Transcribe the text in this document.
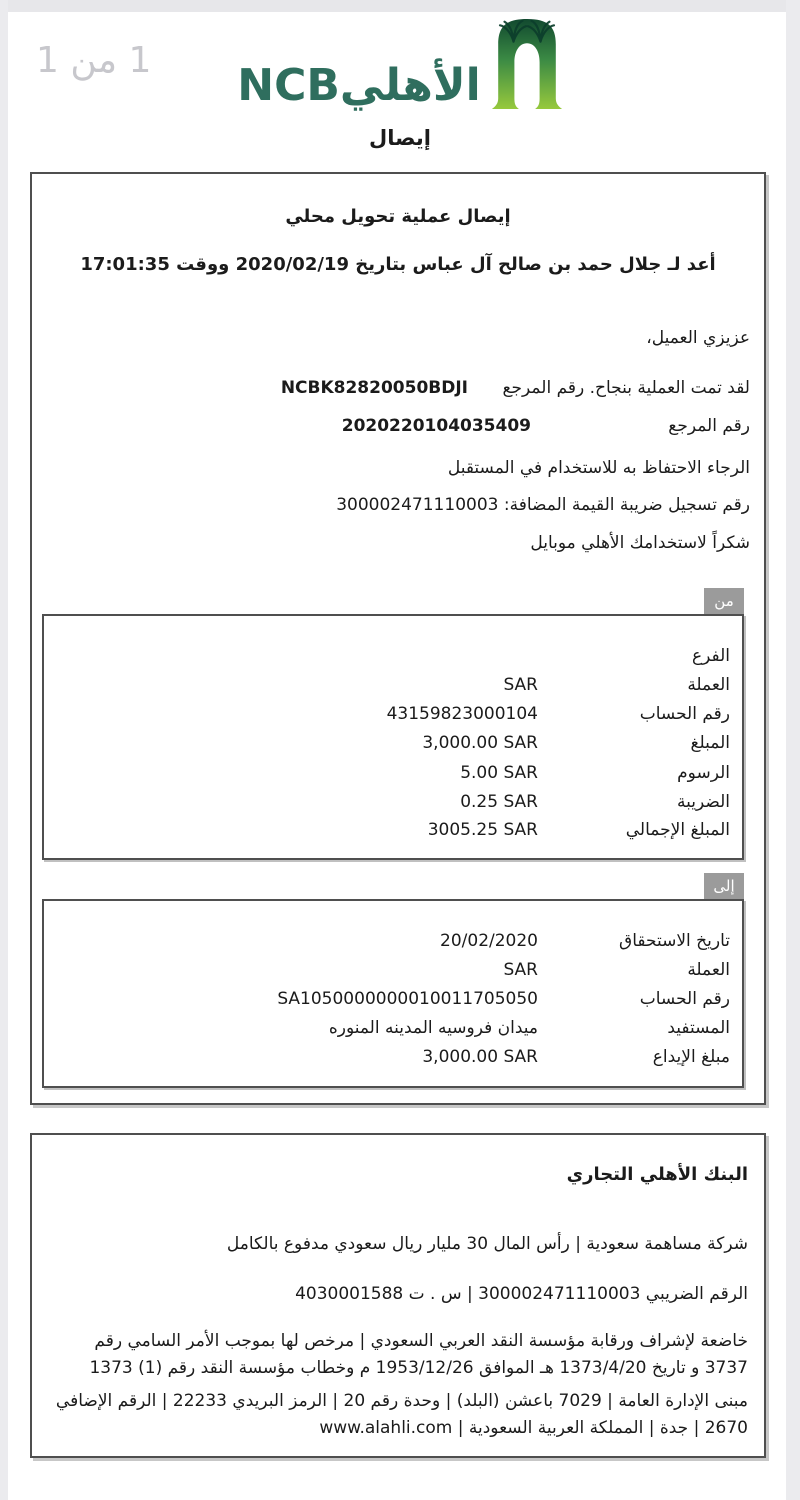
1 من 1 NCBالأهلي
إيصال
إيصال عملية تحويل محلي
أعد لـ جلال حمد بن صالح آل عباس بتاريخ 2020/02/19 ووقت 17:01:35
عزيزي العميل،
لقد تمت العملية بنجاح. رقم المرجع
NCBK82820050BDJI
رقم المرجع
2020220104035409
الرجاء الاحتفاظ به للاستخدام في المستقبل
رقم تسجيل ضريبة القيمة المضافة: 300002471110003
شكراً لاستخدامك الأهلي موبايل
من
الفرع
العملة
SAR
رقم الحساب
43159823000104
المبلغ
3,000.00 SAR
الرسوم
5.00 SAR
الضريبة
0.25 SAR
المبلغ الإجمالي
3005.25 SAR
إلى
تاريخ الاستحقاق
20/02/2020
العملة
SAR
رقم الحساب
SA1050000000010011705050
المستفيد
ميدان فروسيه المدينه المنوره
مبلغ الإيداع
3,000.00 SAR
البنك الأهلي التجاري
شركة مساهمة سعودية | رأس المال 30 مليار ريال سعودي مدفوع بالكامل
الرقم الضريبي 300002471110003 | س . ت 4030001588
خاضعة لإشراف ورقابة مؤسسة النقد العربي السعودي | مرخص لها بموجب الأمر السامي رقم 3737 و تاريخ 1373/4/20 هـ الموافق 1953/12/26 م وخطاب مؤسسة النقد رقم (1) 1373
مبنى الإدارة العامة | 7029 باعشن (البلد) | وحدة رقم 20 | الرمز البريدي 22233 | الرقم الإضافي 2670 | جدة | المملكة العربية السعودية | www.alahli.com
